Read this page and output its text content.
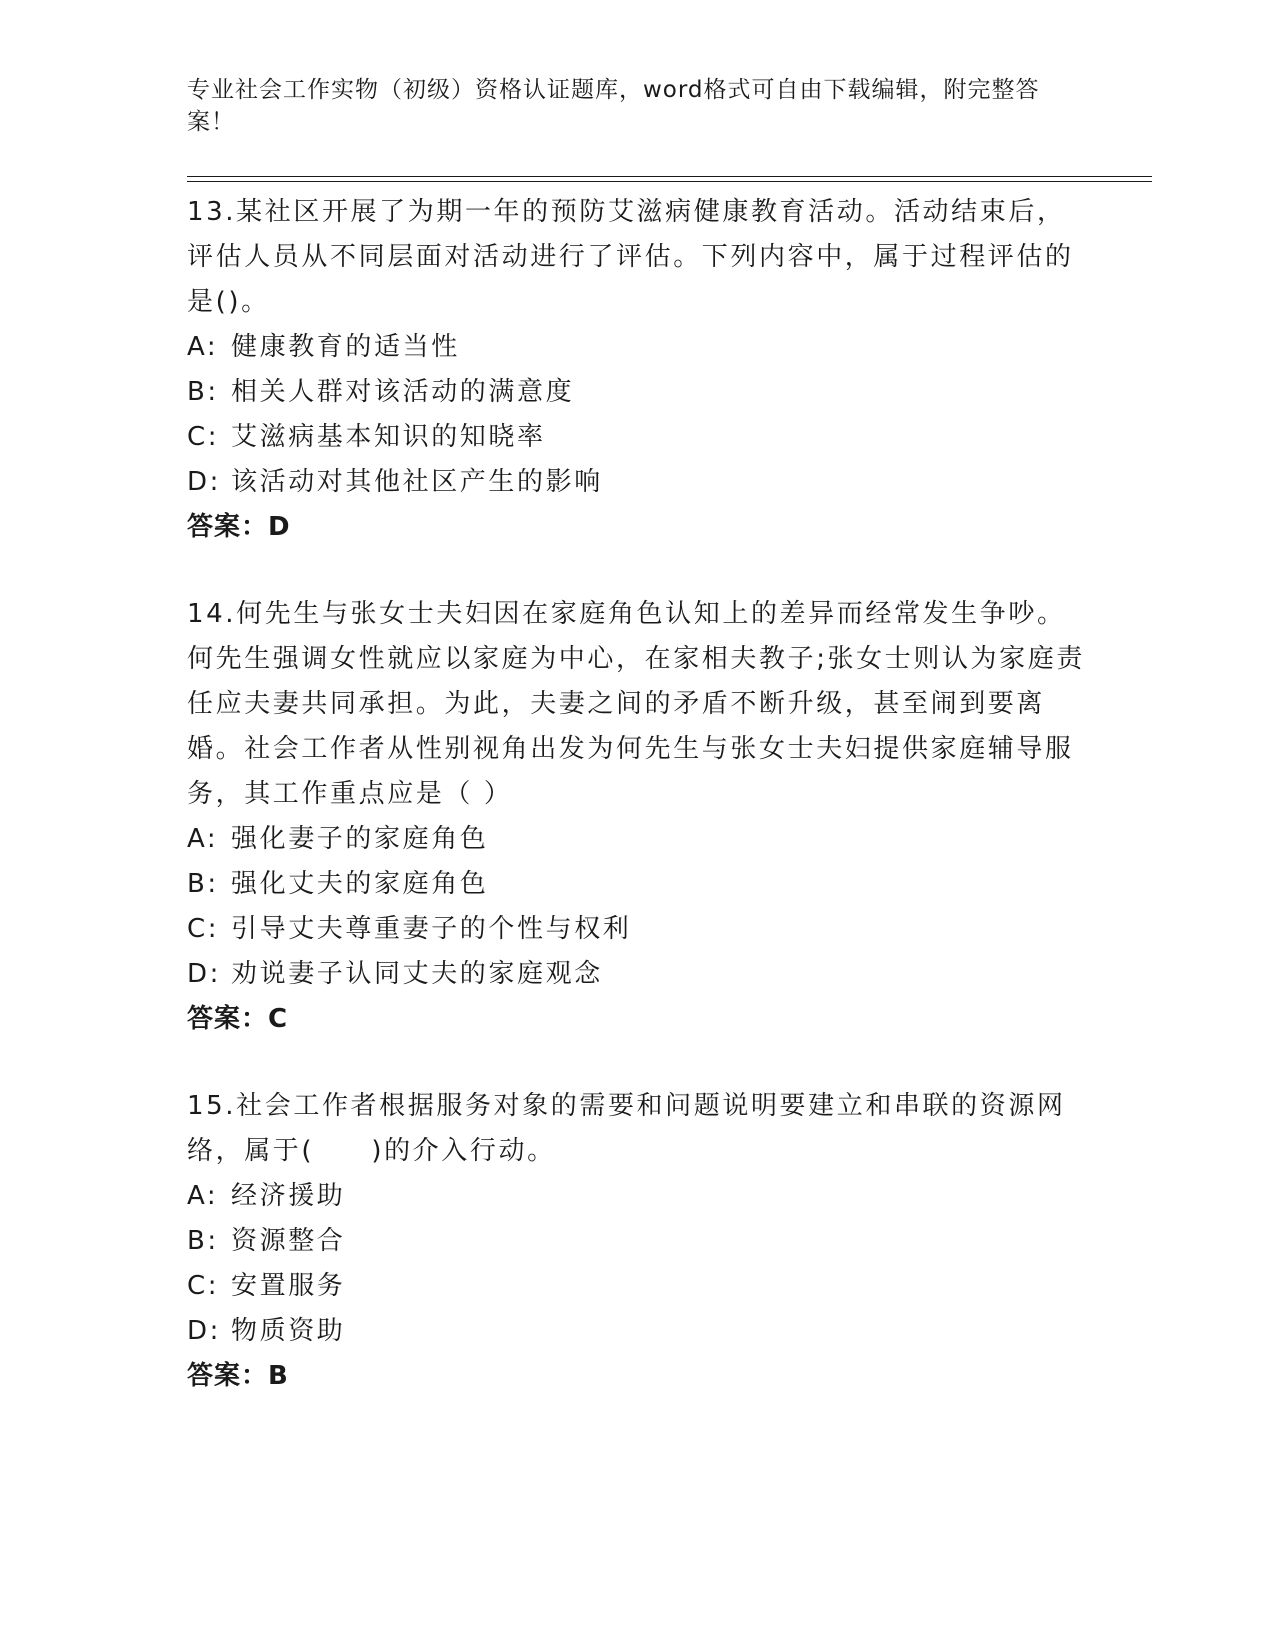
专业社会工作实物（初级）资格认证题库，word格式可自由下载编辑，附完整答案！

13.某社区开展了为期一年的预防艾滋病健康教育活动。活动结束后，评估人员从不同层面对活动进行了评估。下列内容中，属于过程评估的是()。

A: 健康教育的适当性

B: 相关人群对该活动的满意度

C: 艾滋病基本知识的知晓率

D: 该活动对其他社区产生的影响

答案：D

14.何先生与张女士夫妇因在家庭角色认知上的差异而经常发生争吵。何先生强调女性就应以家庭为中心，在家相夫教子;张女士则认为家庭责任应夫妻共同承担。为此，夫妻之间的矛盾不断升级，甚至闹到要离婚。社会工作者从性别视角出发为何先生与张女士夫妇提供家庭辅导服务，其工作重点应是（ ）

A: 强化妻子的家庭角色

B: 强化丈夫的家庭角色

C: 引导丈夫尊重妻子的个性与权利

D: 劝说妻子认同丈夫的家庭观念

答案：C

15.社会工作者根据服务对象的需要和问题说明要建立和串联的资源网络，属于(　　)的介入行动。

A: 经济援助

B: 资源整合

C: 安置服务

D: 物质资助

答案：B
